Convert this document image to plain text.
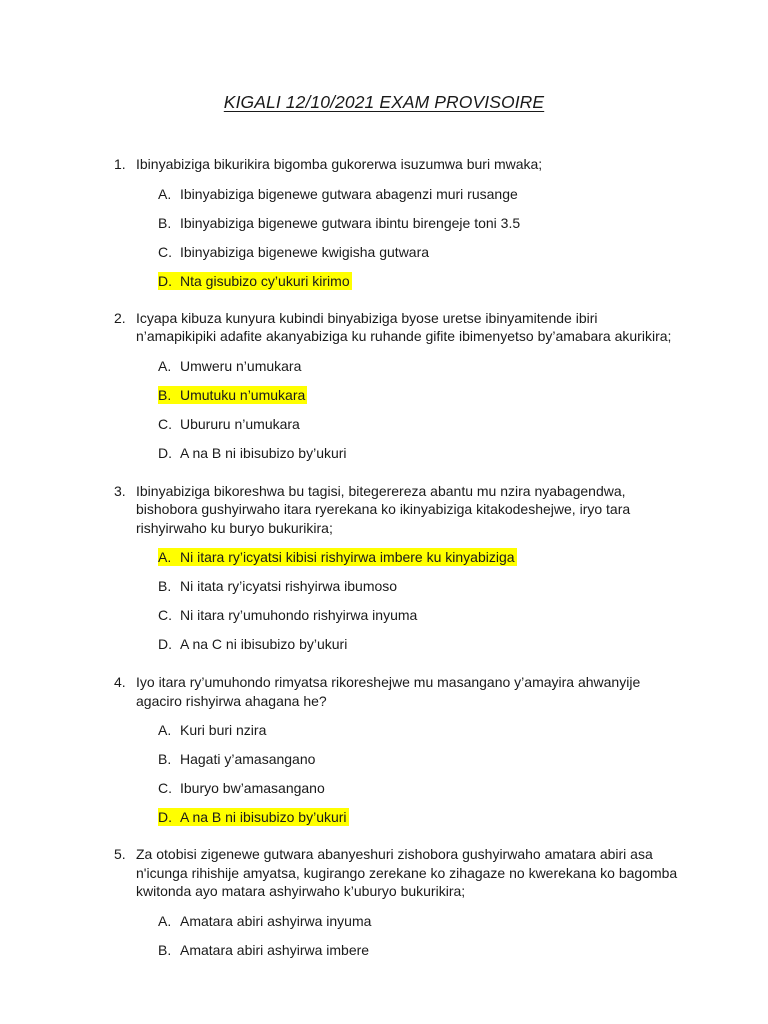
KIGALI 12/10/2021 EXAM PROVISOIRE
1. Ibinyabiziga bikurikira bigomba gukorerwa isuzumwa buri mwaka;
A. Ibinyabiziga bigenewe gutwara abagenzi muri rusange
B. Ibinyabiziga bigenewe gutwara ibintu birengeje toni 3.5
C. Ibinyabiziga bigenewe kwigisha gutwara
D. Nta gisubizo cy’ukuri kirimo
2. Icyapa kibuza kunyura kubindi binyabiziga byose uretse ibinyamitende ibiri n’amapikipiki adafite akanyabiziga ku ruhande gifite ibimenyetso by’amabara akurikira;
A. Umweru n’umukara
B. Umutuku n’umukara
C. Ubururu n’umukara
D. A na B ni ibisubizo by’ukuri
3. Ibinyabiziga bikoreshwa bu tagisi, bitegerereza abantu mu nzira nyabagendwa, bishobora gushyirwaho itara ryerekana ko ikinyabiziga kitakodeshejwe, iryo tara rishyirwaho ku buryo bukurikira;
A. Ni itara ry’icyatsi kibisi rishyirwa imbere ku kinyabiziga
B. Ni itata ry’icyatsi rishyirwa ibumoso
C. Ni itara ry’umuhondo rishyirwa inyuma
D. A na C ni ibisubizo by’ukuri
4. Iyo itara ry’umuhondo rimyatsa rikoreshejwe mu masangano y’amayira ahwanyije agaciro rishyirwa ahagana he?
A. Kuri buri nzira
B. Hagati y’amasangano
C. Iburyo bw’amasangano
D. A na B ni ibisubizo by’ukuri
5. Za otobisi zigenewe gutwara abanyeshuri zishobora gushyirwaho amatara abiri asa n'icunga rihishije amyatsa, kugirango zerekane ko zihagaze no kwerekana ko bagomba kwitonda ayo matara ashyirwaho k’uburyo bukurikira;
A. Amatara abiri ashyirwa inyuma
B. Amatara abiri ashyirwa imbere
